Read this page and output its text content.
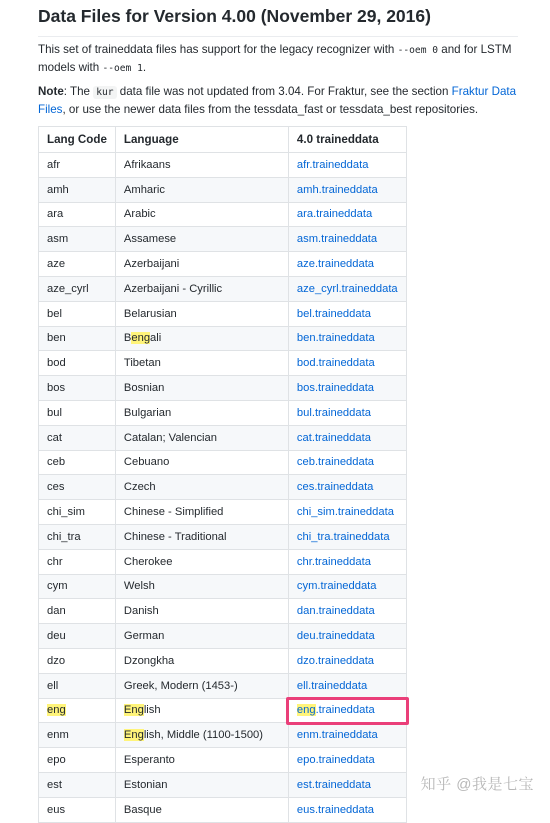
Data Files for Version 4.00 (November 29, 2016)

This set of traineddata files has support for the legacy recognizer with --oem 0 and for LSTM models with --oem 1.

Note: The kur data file was not updated from 3.04. For Fraktur, see the section Fraktur Data Files, or use the newer data files from the tessdata_fast or tessdata_best repositories.

Lang Code	Language	4.0 traineddata
afr	Afrikaans	afr.traineddata
amh	Amharic	amh.traineddata
ara	Arabic	ara.traineddata
asm	Assamese	asm.traineddata
aze	Azerbaijani	aze.traineddata
aze_cyrl	Azerbaijani - Cyrillic	aze_cyrl.traineddata
bel	Belarusian	bel.traineddata
ben	Bengali	ben.traineddata
bod	Tibetan	bod.traineddata
bos	Bosnian	bos.traineddata
bul	Bulgarian	bul.traineddata
cat	Catalan; Valencian	cat.traineddata
ceb	Cebuano	ceb.traineddata
ces	Czech	ces.traineddata
chi_sim	Chinese - Simplified	chi_sim.traineddata
chi_tra	Chinese - Traditional	chi_tra.traineddata
chr	Cherokee	chr.traineddata
cym	Welsh	cym.traineddata
dan	Danish	dan.traineddata
deu	German	deu.traineddata
dzo	Dzongkha	dzo.traineddata
ell	Greek, Modern (1453-)	ell.traineddata
eng	English	eng.traineddata
enm	English, Middle (1100-1500)	enm.traineddata
epo	Esperanto	epo.traineddata
est	Estonian	est.traineddata
eus	Basque	eus.traineddata
知乎 @我是七宝
